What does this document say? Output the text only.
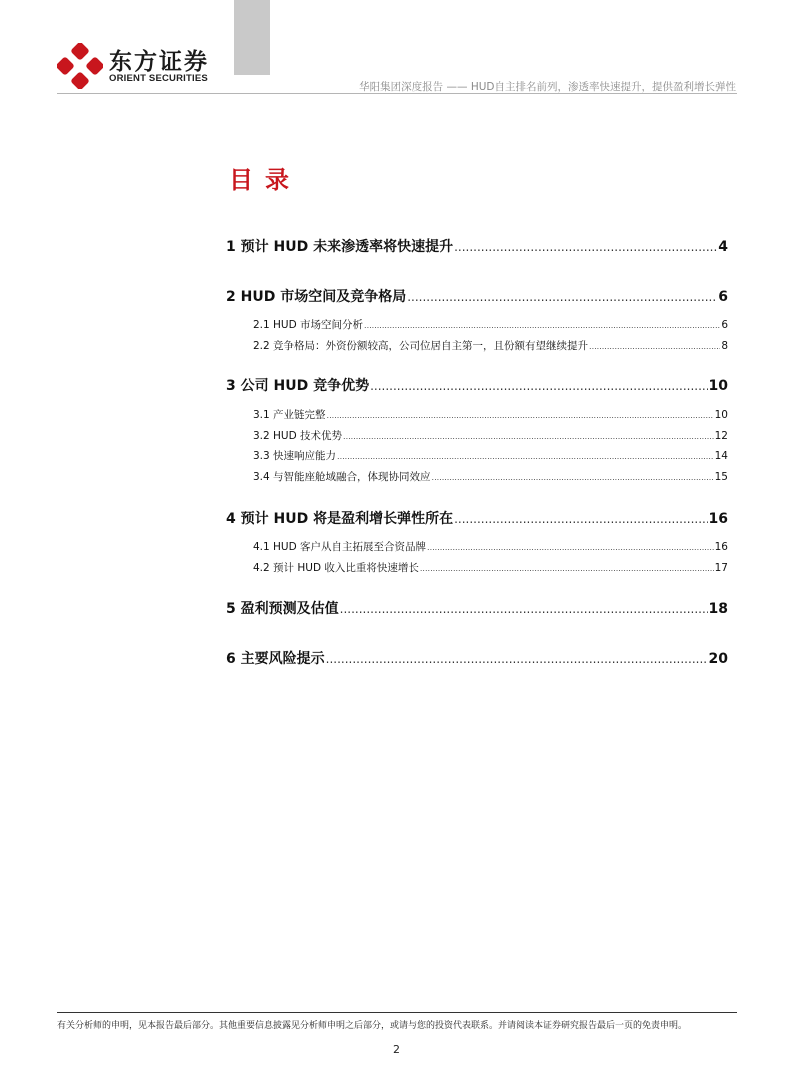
东方证券
ORIENT SECURITIES
华阳集团深度报告 —— HUD自主排名前列，渗透率快速提升，提供盈利增长弹性
目录
1 预计 HUD 未来渗透率将快速提升 .....	4
2 HUD 市场空间及竞争格局 .....	6
2.1 HUD 市场空间分析 .....	6
2.2 竞争格局：外资份额较高，公司位居自主第一，且份额有望继续提升 .....	8
3 公司 HUD 竞争优势 .....	10
3.1 产业链完整 .....	10
3.2 HUD 技术优势 .....	12
3.3 快速响应能力 .....	14
3.4 与智能座舱域融合，体现协同效应 .....	15
4 预计 HUD 将是盈利增长弹性所在 .....	16
4.1 HUD 客户从自主拓展至合资品牌 .....	16
4.2 预计 HUD 收入比重将快速增长 .....	17
5 盈利预测及估值 .....	18
6 主要风险提示 .....	20
有关分析师的申明，见本报告最后部分。其他重要信息披露见分析师申明之后部分，或请与您的投资代表联系。并请阅读本证券研究报告最后一页的免责申明。
2
